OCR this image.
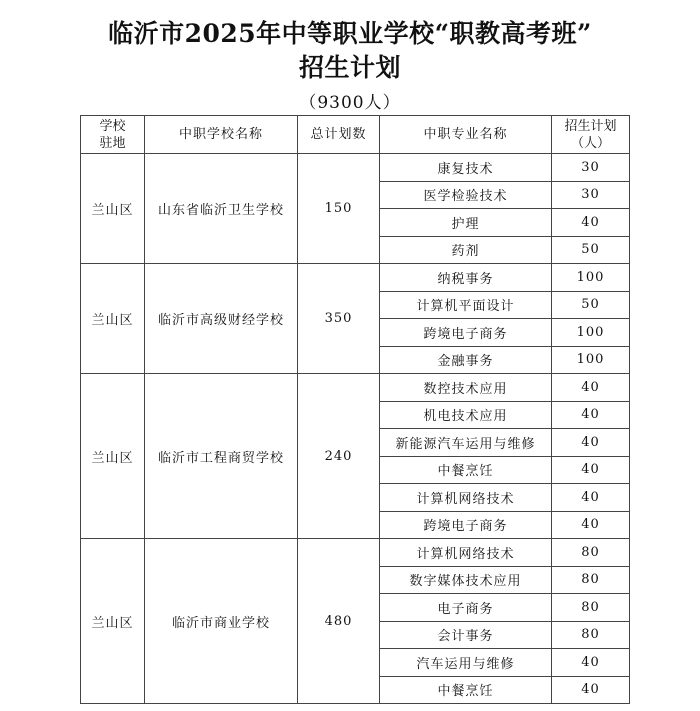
临沂市2025年中等职业学校“职教高考班”
招生计划
（9300人）
学校
驻地	中职学校名称	总计划数	中职专业名称	招生计划
（人）
兰山区	山东省临沂卫生学校	150	康复技术	30
			医学检验技术	30
			护理	40
			药剂	50
兰山区	临沂市高级财经学校	350	纳税事务	100
			计算机平面设计	50
			跨境电子商务	100
			金融事务	100
兰山区	临沂市工程商贸学校	240	数控技术应用	40
			机电技术应用	40
			新能源汽车运用与维修	40
			中餐烹饪	40
			计算机网络技术	40
			跨境电子商务	40
兰山区	临沂市商业学校	480	计算机网络技术	80
			数字媒体技术应用	80
			电子商务	80
			会计事务	80
			汽车运用与维修	40
			中餐烹饪	40
